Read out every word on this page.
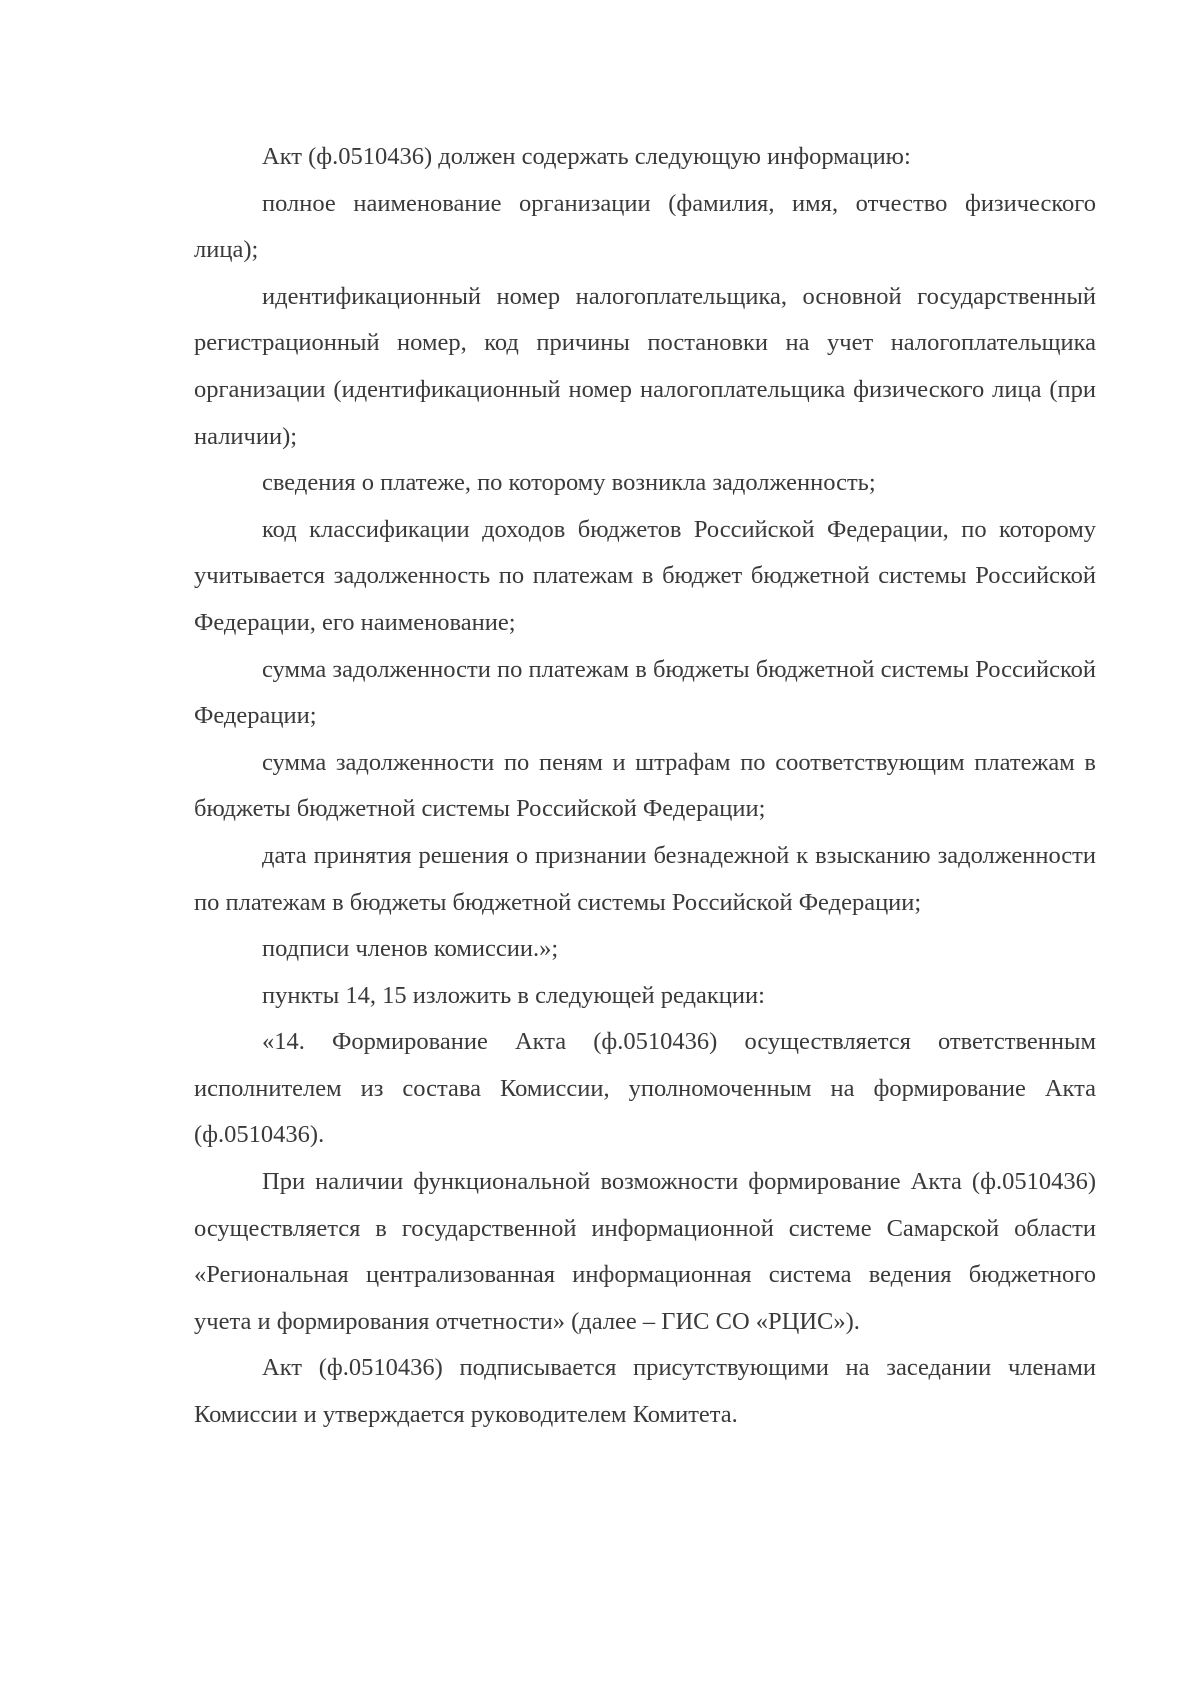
Акт (ф.0510436) должен содержать следующую информацию:

полное наименование организации (фамилия, имя, отчество физического лица);

идентификационный номер налогоплательщика, основной государственный регистрационный номер, код причины постановки на учет налогоплательщика организации (идентификационный номер налогоплательщика физического лица (при наличии);

сведения о платеже, по которому возникла задолженность;

код классификации доходов бюджетов Российской Федерации, по которому учитывается задолженность по платежам в бюджет бюджетной системы Российской Федерации, его наименование;

сумма задолженности по платежам в бюджеты бюджетной системы Российской Федерации;

сумма задолженности по пеням и штрафам по соответствующим платежам в бюджеты бюджетной системы Российской Федерации;

дата принятия решения о признании безнадежной к взысканию задолженности по платежам в бюджеты бюджетной системы Российской Федерации;

подписи членов комиссии.»;

пункты 14, 15 изложить в следующей редакции:

«14. Формирование Акта (ф.0510436) осуществляется ответственным исполнителем из состава Комиссии, уполномоченным на формирование Акта (ф.0510436).

При наличии функциональной возможности формирование Акта (ф.0510436) осуществляется в государственной информационной системе Самарской области «Региональная централизованная информационная система ведения бюджетного учета и формирования отчетности» (далее – ГИС СО «РЦИС»).

Акт (ф.0510436) подписывается присутствующими на заседании членами Комиссии и утверждается руководителем Комитета.
